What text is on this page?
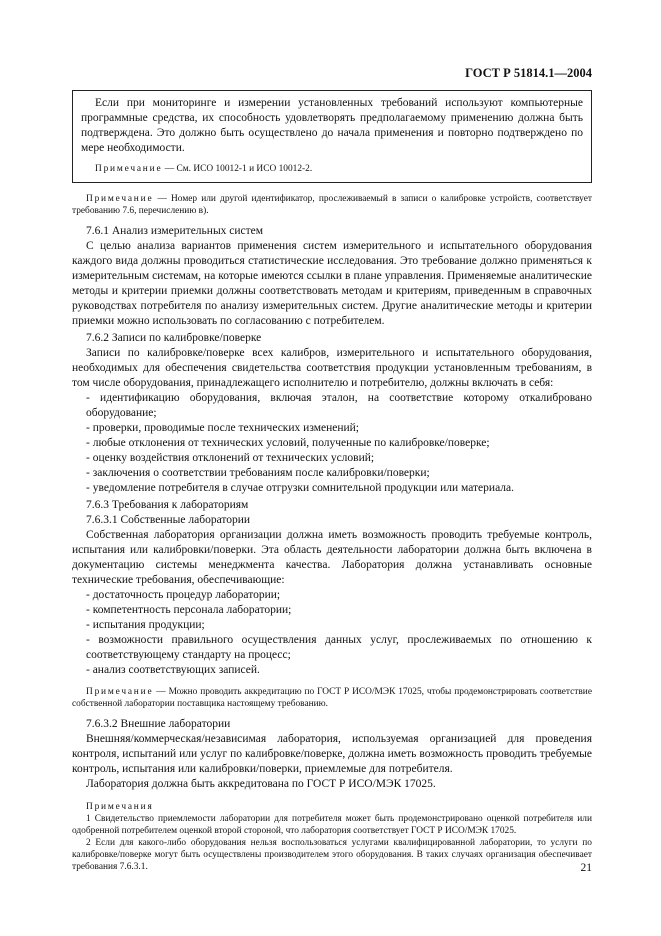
ГОСТ Р 51814.1—2004

Если при мониторинге и измерении установленных требований используют компьютерные программные средства, их способность удовлетворять предполагаемому применению должна быть подтверждена. Это должно быть осуществлено до начала применения и повторно подтверждено по мере необходимости.

Примечание — См. ИСО 10012-1 и ИСО 10012-2.

Примечание — Номер или другой идентификатор, прослеживаемый в записи о калибровке устройств, соответствует требованию 7.6, перечислению в).

7.6.1 Анализ измерительных систем

С целью анализа вариантов применения систем измерительного и испытательного оборудования каждого вида должны проводиться статистические исследования. Это требование должно применяться к измерительным системам, на которые имеются ссылки в плане управления. Применяемые аналитические методы и критерии приемки должны соответствовать методам и критериям, приведенным в справочных руководствах потребителя по анализу измерительных систем. Другие аналитические методы и критерии приемки можно использовать по согласованию с потребителем.

7.6.2 Записи по калибровке/поверке

Записи по калибровке/поверке всех калибров, измерительного и испытательного оборудования, необходимых для обеспечения свидетельства соответствия продукции установленным требованиям, в том числе оборудования, принадлежащего исполнителю и потребителю, должны включать в себя:

- идентификацию оборудования, включая эталон, на соответствие которому откалибровано оборудование;

- проверки, проводимые после технических изменений;

- любые отклонения от технических условий, полученные по калибровке/поверке;

- оценку воздействия отклонений от технических условий;

- заключения о соответствии требованиям после калибровки/поверки;

- уведомление потребителя в случае отгрузки сомнительной продукции или материала.

7.6.3 Требования к лабораториям

7.6.3.1 Собственные лаборатории

Собственная лаборатория организации должна иметь возможность проводить требуемые контроль, испытания или калибровки/поверки. Эта область деятельности лаборатории должна быть включена в документацию системы менеджмента качества. Лаборатория должна устанавливать основные технические требования, обеспечивающие:

- достаточность процедур лаборатории;

- компетентность персонала лаборатории;

- испытания продукции;

- возможности правильного осуществления данных услуг, прослеживаемых по отношению к соответствующему стандарту на процесс;

- анализ соответствующих записей.

Примечание — Можно проводить аккредитацию по ГОСТ Р ИСО/МЭК 17025, чтобы продемонстрировать соответствие собственной лаборатории поставщика настоящему требованию.

7.6.3.2 Внешние лаборатории

Внешняя/коммерческая/независимая лаборатория, используемая организацией для проведения контроля, испытаний или услуг по калибровке/поверке, должна иметь возможность проводить требуемые контроль, испытания или калибровки/поверки, приемлемые для потребителя.

Лаборатория должна быть аккредитована по ГОСТ Р ИСО/МЭК 17025.

Примечания

1 Свидетельство приемлемости лаборатории для потребителя может быть продемонстрировано оценкой потребителя или одобренной потребителем оценкой второй стороной, что лаборатория соответствует ГОСТ Р ИСО/МЭК 17025.

2 Если для какого-либо оборудования нельзя воспользоваться услугами квалифицированной лаборатории, то услуги по калибровке/поверке могут быть осуществлены производителем этого оборудования. В таких случаях организация обеспечивает требования 7.6.3.1.	21
